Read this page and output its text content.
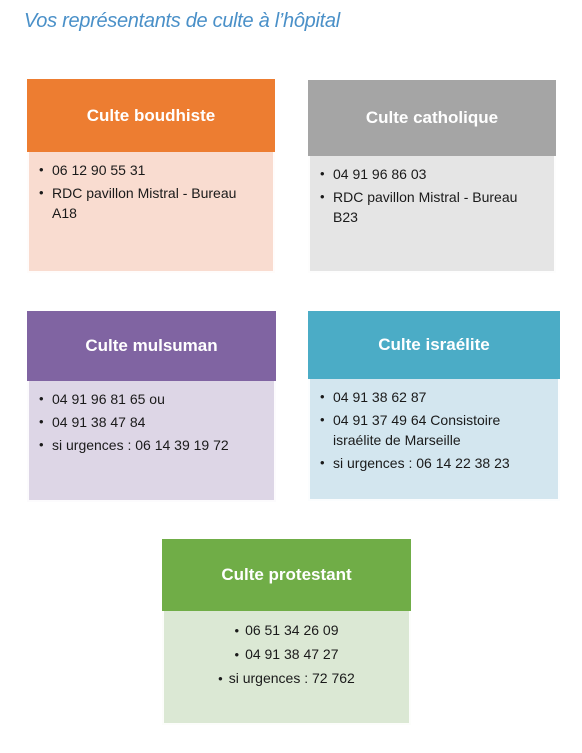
Vos représentants de culte à l’hôpital
Culte boudhiste
• 06 12 90 55 31
• RDC pavillon Mistral - Bureau A18
Culte catholique
• 04 91 96 86 03
• RDC pavillon Mistral - Bureau B23
Culte mulsuman
• 04 91 96 81 65 ou
• 04 91 38 47 84
• si urgences : 06 14 39 19 72
Culte israélite
• 04 91 38 62 87
• 04 91 37 49 64 Consistoire israélite de Marseille
• si urgences : 06 14 22 38 23
Culte protestant
• 06 51 34 26 09
• 04 91 38 47 27
• si urgences : 72 762
